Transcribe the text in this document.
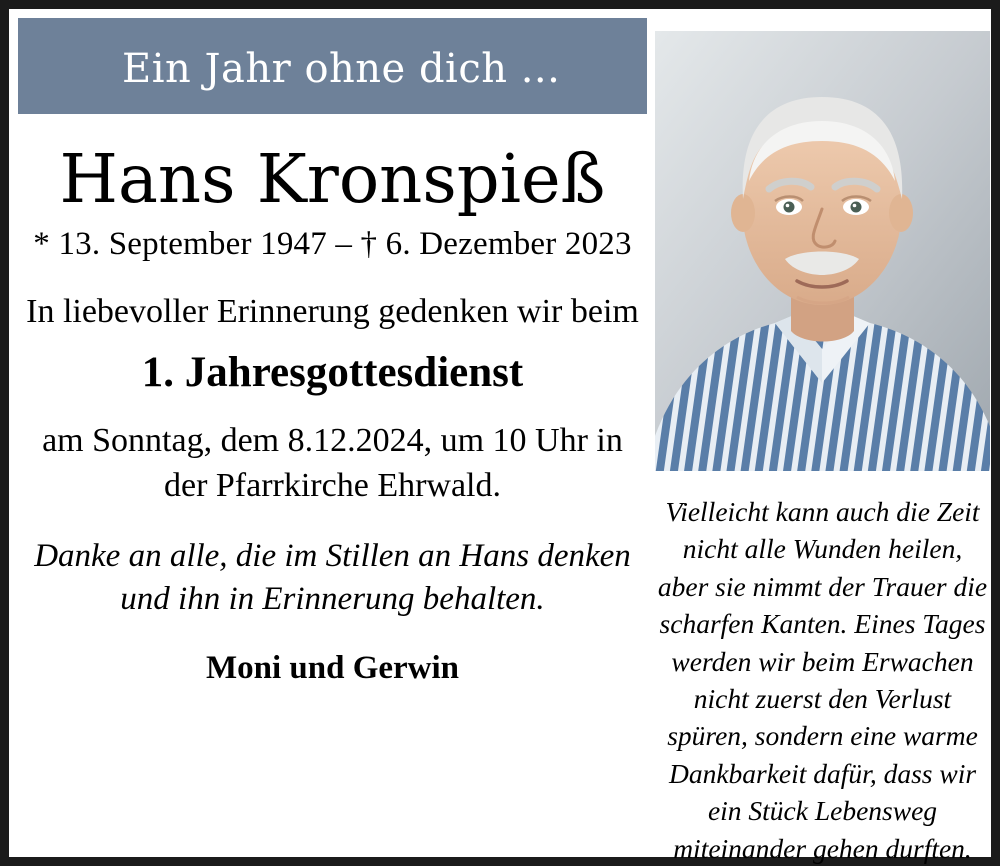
Ein Jahr ohne dich ...
Hans Kronspieß
* 13. September 1947 – † 6. Dezember 2023
In liebevoller Erinnerung gedenken wir beim
1. Jahresgottesdienst
am Sonntag, dem 8.12.2024, um 10 Uhr in der Pfarrkirche Ehrwald.
Danke an alle, die im Stillen an Hans denken und ihn in Erinnerung behalten.
Moni und Gerwin
Vielleicht kann auch die Zeit nicht alle Wunden heilen, aber sie nimmt der Trauer die scharfen Kanten. Eines Tages werden wir beim Erwachen nicht zuerst den Verlust spüren, sondern eine warme Dankbarkeit dafür, dass wir ein Stück Lebensweg miteinander gehen durften.
